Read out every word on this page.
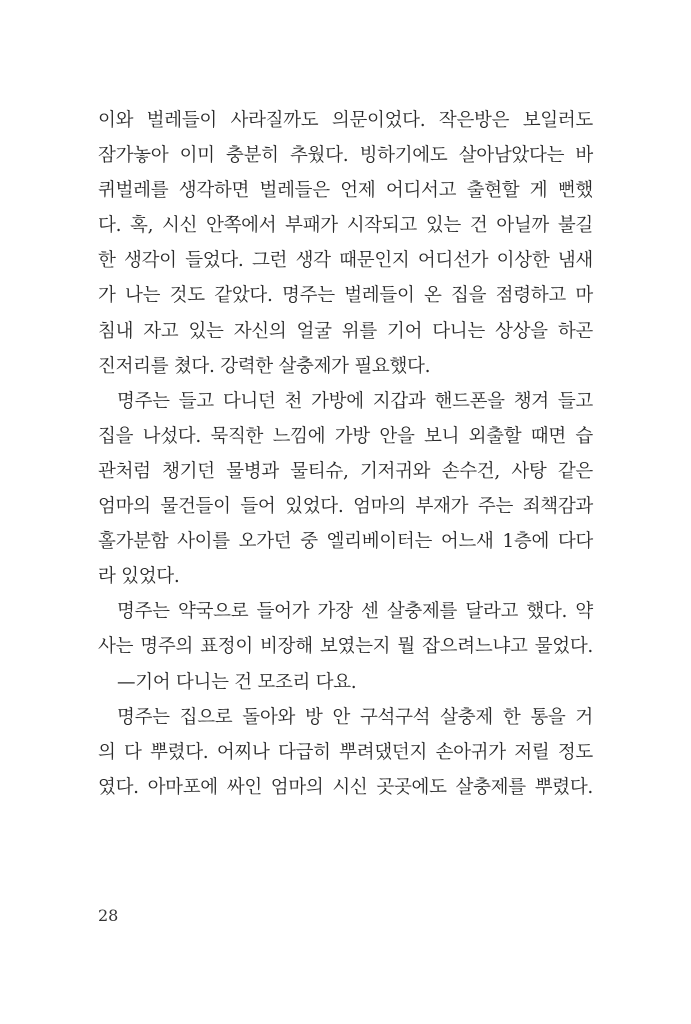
이와 벌레들이 사라질까도 의문이었다. 작은방은 보일러도
잠가놓아 이미 충분히 추웠다. 빙하기에도 살아남았다는 바
퀴벌레를 생각하면 벌레들은 언제 어디서고 출현할 게 뻔했
다. 혹, 시신 안쪽에서 부패가 시작되고 있는 건 아닐까 불길
한 생각이 들었다. 그런 생각 때문인지 어디선가 이상한 냄새
가 나는 것도 같았다. 명주는 벌레들이 온 집을 점령하고 마
침내 자고 있는 자신의 얼굴 위를 기어 다니는 상상을 하곤
진저리를 쳤다. 강력한 살충제가 필요했다.
명주는 들고 다니던 천 가방에 지갑과 핸드폰을 챙겨 들고
집을 나섰다. 묵직한 느낌에 가방 안을 보니 외출할 때면 습
관처럼 챙기던 물병과 물티슈, 기저귀와 손수건, 사탕 같은
엄마의 물건들이 들어 있었다. 엄마의 부재가 주는 죄책감과
홀가분함 사이를 오가던 중 엘리베이터는 어느새 1층에 다다
라 있었다.
명주는 약국으로 들어가 가장 센 살충제를 달라고 했다. 약
사는 명주의 표정이 비장해 보였는지 뭘 잡으려느냐고 물었다.
—기어 다니는 건 모조리 다요.
명주는 집으로 돌아와 방 안 구석구석 살충제 한 통을 거
의 다 뿌렸다. 어찌나 다급히 뿌려댔던지 손아귀가 저릴 정도
였다. 아마포에 싸인 엄마의 시신 곳곳에도 살충제를 뿌렸다.
28
